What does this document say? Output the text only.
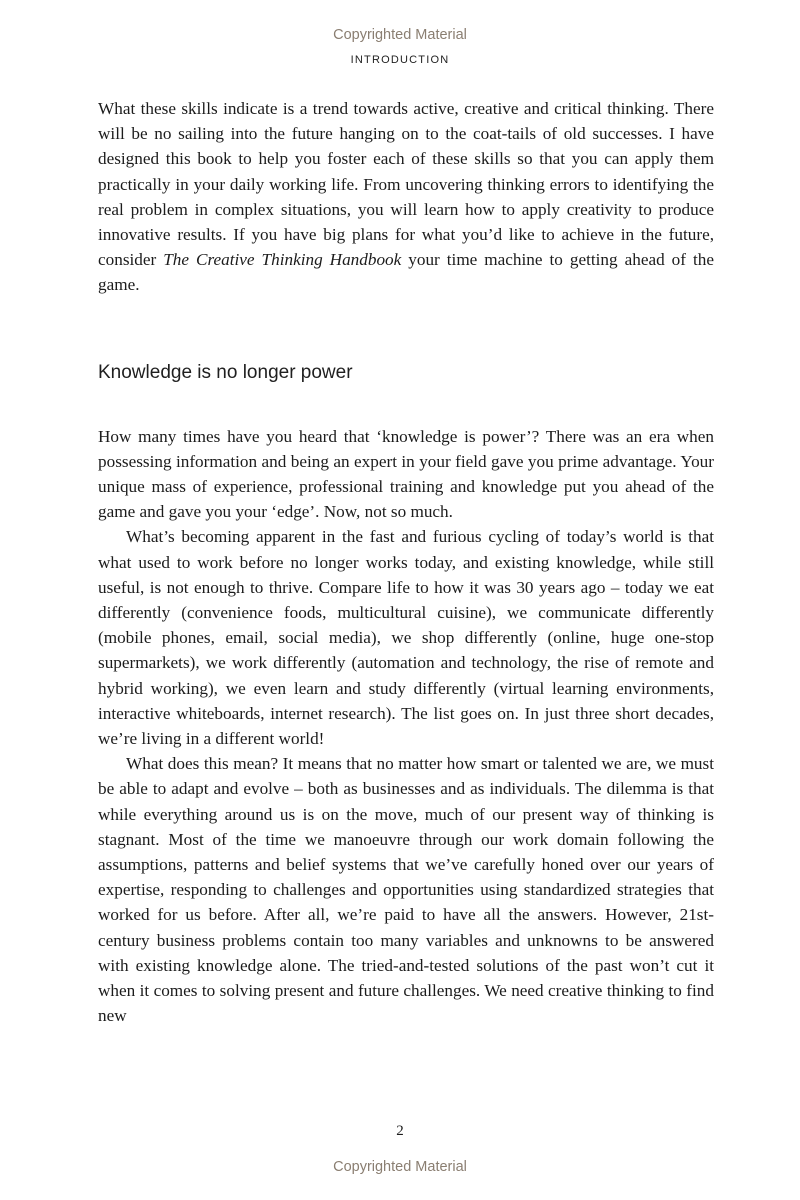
Copyrighted Material
INTRODUCTION

What these skills indicate is a trend towards active, creative and critical thinking. There will be no sailing into the future hanging on to the coat-tails of old successes. I have designed this book to help you foster each of these skills so that you can apply them practically in your daily working life. From uncovering thinking errors to identifying the real problem in complex situations, you will learn how to apply creativity to produce innovative results. If you have big plans for what you’d like to achieve in the future, consider The Creative Thinking Handbook your time machine to getting ahead of the game.

Knowledge is no longer power

How many times have you heard that ‘knowledge is power’? There was an era when possessing information and being an expert in your field gave you prime advantage. Your unique mass of experience, professional training and knowledge put you ahead of the game and gave you your ‘edge’. Now, not so much.

What’s becoming apparent in the fast and furious cycling of today’s world is that what used to work before no longer works today, and existing knowledge, while still useful, is not enough to thrive. Compare life to how it was 30 years ago – today we eat differently (convenience foods, multicultural cuisine), we communicate differently (mobile phones, email, social media), we shop differently (online, huge one-stop supermarkets), we work differently (automation and technology, the rise of remote and hybrid working), we even learn and study differently (virtual learning environments, interactive whiteboards, internet research). The list goes on. In just three short decades, we’re living in a different world!

What does this mean? It means that no matter how smart or talented we are, we must be able to adapt and evolve – both as businesses and as individuals. The dilemma is that while everything around us is on the move, much of our present way of thinking is stagnant. Most of the time we manoeuvre through our work domain following the assumptions, patterns and belief systems that we’ve carefully honed over our years of expertise, responding to challenges and opportunities using standardized strategies that worked for us before. After all, we’re paid to have all the answers. However, 21st-century business problems contain too many variables and unknowns to be answered with existing knowledge alone. The tried-and-tested solutions of the past won’t cut it when it comes to solving present and future challenges. We need creative thinking to find new

2
Copyrighted Material
